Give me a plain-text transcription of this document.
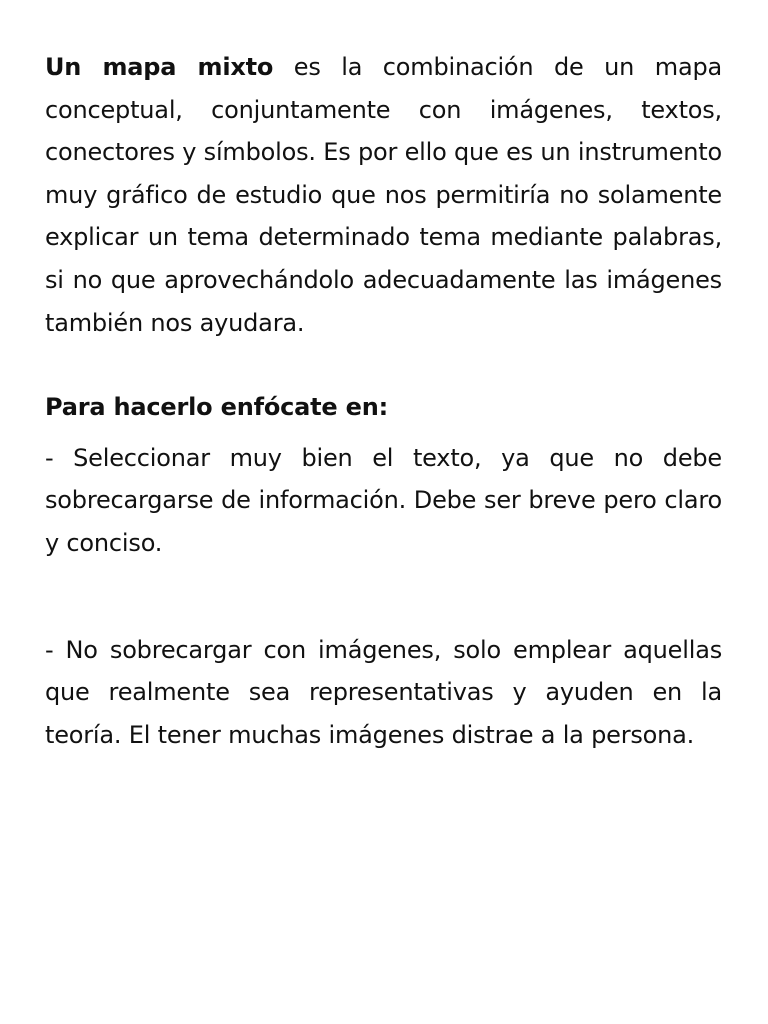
Un mapa mixto es la combinación de un mapa conceptual, conjuntamente con imágenes, textos, conectores y símbolos. Es por ello que es un instrumento muy gráfico de estudio que nos permitiría no solamente explicar un tema determinado tema mediante palabras, si no que aprovechándolo adecuadamente las imágenes también nos ayudara.

Para hacerlo enfócate en:

- Seleccionar muy bien el texto, ya que no debe sobrecargarse de información. Debe ser breve pero claro y conciso.

- No sobrecargar con imágenes, solo emplear aquellas que realmente sea representativas y ayuden en la teoría. El tener muchas imágenes distrae a la persona.
